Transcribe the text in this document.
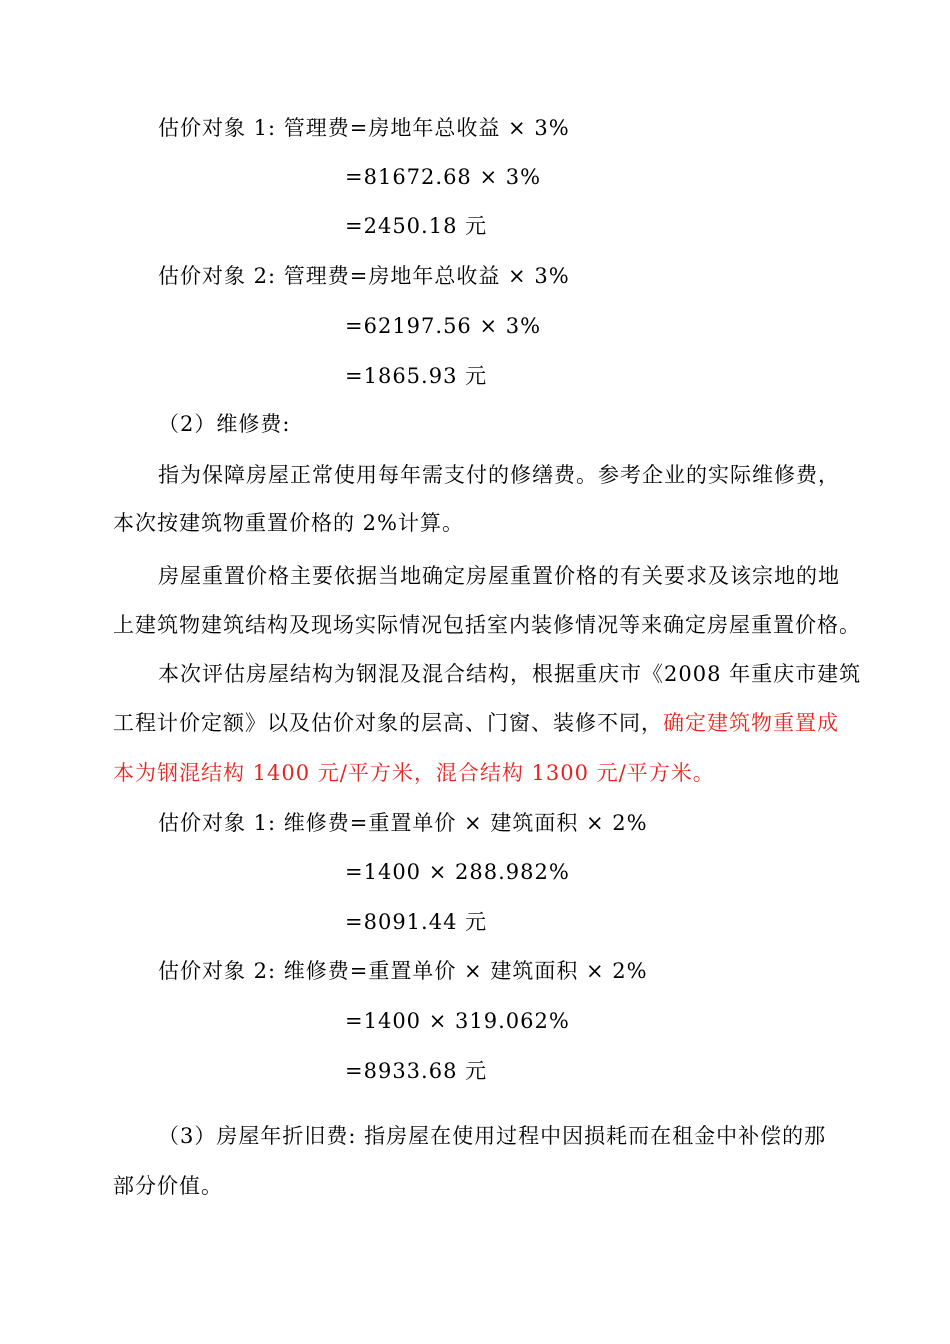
估价对象 1: 管理费=房地年总收益 × 3%
=81672.68 × 3%
=2450.18 元
估价对象 2: 管理费=房地年总收益 × 3%
=62197.56 × 3%
=1865.93 元
（2）维修费:
指为保障房屋正常使用每年需支付的修缮费。参考企业的实际维修费，
本次按建筑物重置价格的 2%计算。
房屋重置价格主要依据当地确定房屋重置价格的有关要求及该宗地的地
上建筑物建筑结构及现场实际情况包括室内装修情况等来确定房屋重置价格。
本次评估房屋结构为钢混及混合结构，根据重庆市《2008 年重庆市建筑
工程计价定额》以及估价对象的层高、门窗、装修不同，确定建筑物重置成
本为钢混结构 1400 元/平方米，混合结构 1300 元/平方米。
估价对象 1: 维修费=重置单价 × 建筑面积 × 2%
=1400 × 288.982%
=8091.44 元
估价对象 2: 维修费=重置单价 × 建筑面积 × 2%
=1400 × 319.062%
=8933.68 元
（3）房屋年折旧费: 指房屋在使用过程中因损耗而在租金中补偿的那
部分价值。
